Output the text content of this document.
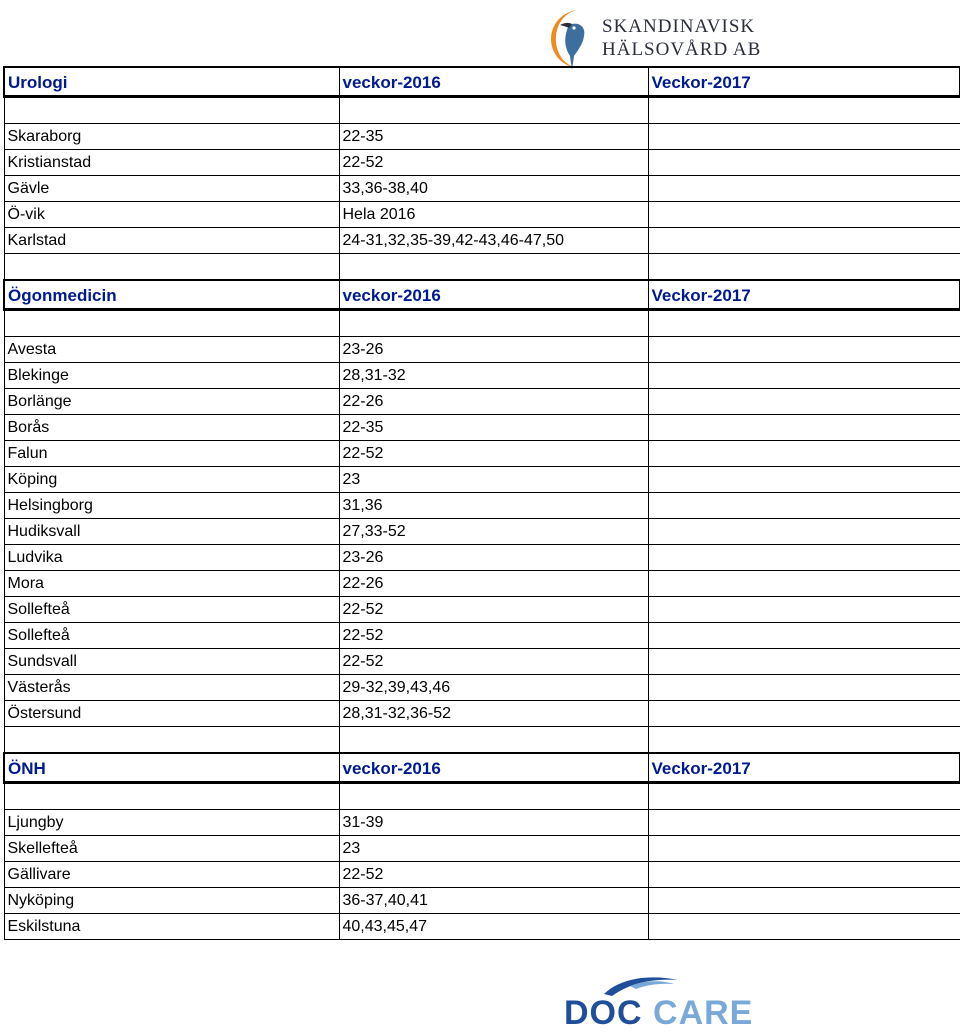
SKANDINAVISK
HÄLSOVÅRD AB
Urologi	veckor-2016	Veckor-2017

Skaraborg	22-35	
Kristianstad	22-52	
Gävle	33,36-38,40	
Ö-vik	Hela 2016	
Karlstad	24-31,32,35-39,42-43,46-47,50	

Ögonmedicin	veckor-2016	Veckor-2017

Avesta	23-26	
Blekinge	28,31-32	
Borlänge	22-26	
Borås	22-35	
Falun	22-52	
Köping	23	
Helsingborg	31,36	
Hudiksvall	27,33-52	
Ludvika	23-26	
Mora	22-26	
Sollefteå	22-52	
Sollefteå	22-52	
Sundsvall	22-52	
Västerås	29-32,39,43,46	
Östersund	28,31-32,36-52	

ÖNH	veckor-2016	Veckor-2017

Ljungby	31-39	
Skellefteå	23	
Gällivare	22-52	
Nyköping	36-37,40,41	
Eskilstuna	40,43,45,47	
DOC CARE
